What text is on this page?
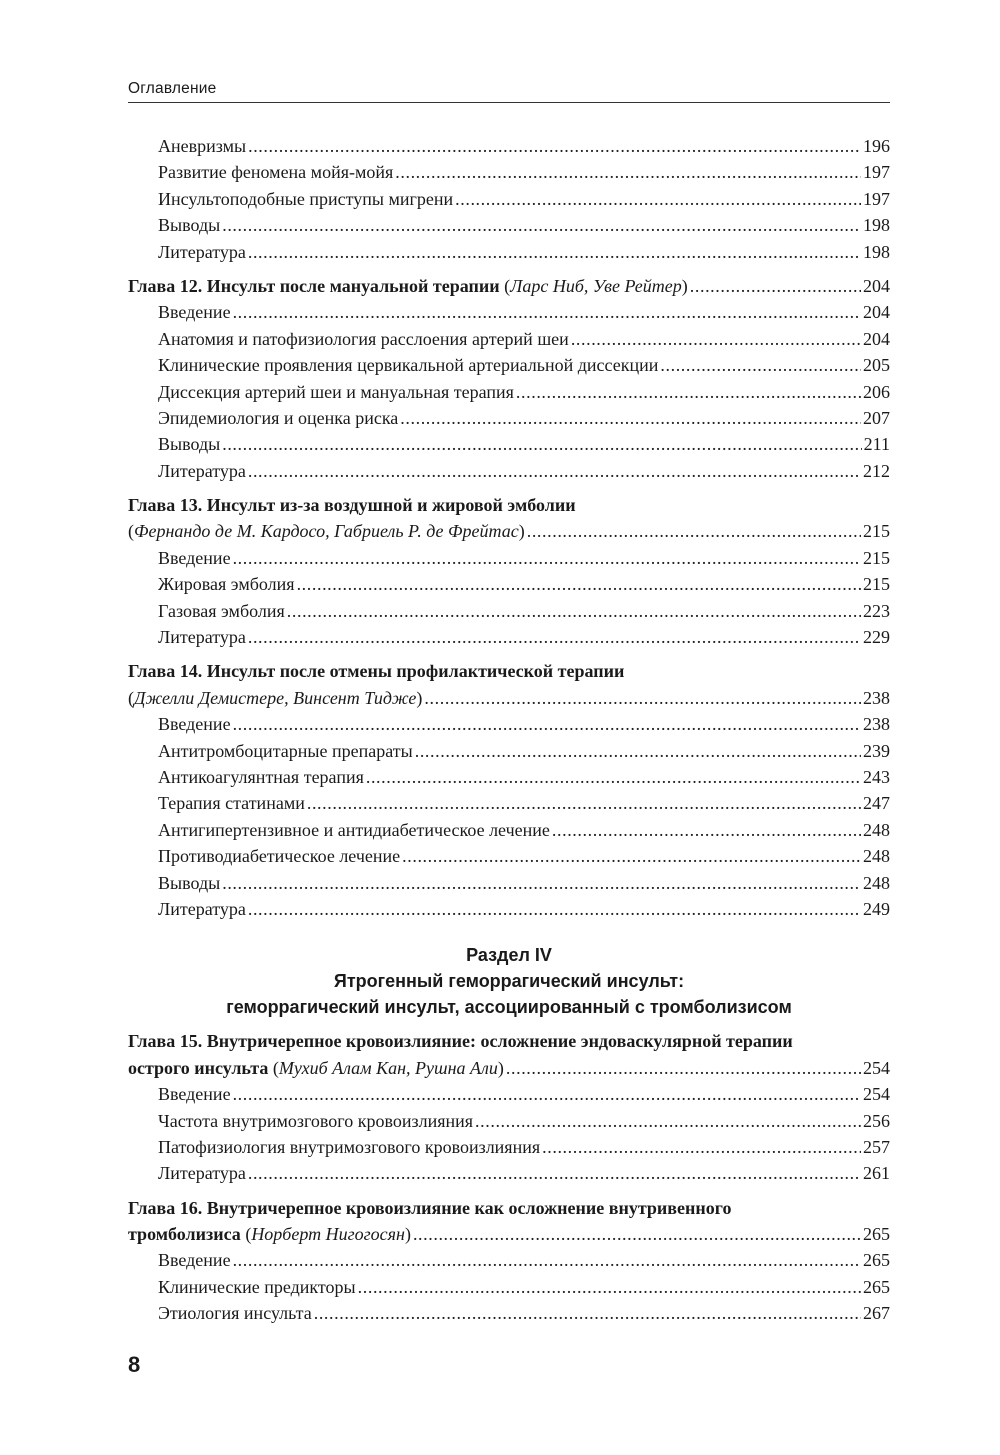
Оглавление
Аневризмы .....	196
Развитие феномена мойя-мойя .....	197
Инсультоподобные приступы мигрени .....	197
Выводы .....	198
Литература .....	198
Глава 12. Инсульт после мануальной терапии (Ларс Ниб, Уве Рейтер) .....	204
Введение .....	204
Анатомия и патофизиология расслоения артерий шеи .....	204
Клинические проявления цервикальной артериальной диссекции .....	205
Диссекция артерий шеи и мануальная терапия .....	206
Эпидемиология и оценка риска .....	207
Выводы .....	211
Литература .....	212
Глава 13. Инсульт из-за воздушной и жировой эмболии
(Фернандо де М. Кардосо, Габриель Р. де Фрейтас) .....	215
Введение .....	215
Жировая эмболия .....	215
Газовая эмболия .....	223
Литература .....	229
Глава 14. Инсульт после отмены профилактической терапии
(Джелли Демистере, Винсент Тидже) .....	238
Введение .....	238
Антитромбоцитарные препараты .....	239
Антикоагулянтная терапия .....	243
Терапия статинами .....	247
Антигипертензивное и антидиабетическое лечение .....	248
Противодиабетическое лечение .....	248
Выводы .....	248
Литература .....	249
Раздел IV
Ятрогенный геморрагический инсульт:
геморрагический инсульт, ассоциированный с тромболизисом
Глава 15. Внутричерепное кровоизлияние: осложнение эндоваскулярной терапии
острого инсульта (Мухиб Алам Кан, Рушна Али) .....	254
Введение .....	254
Частота внутримозгового кровоизлияния .....	256
Патофизиология внутримозгового кровоизлияния .....	257
Литература .....	261
Глава 16. Внутричерепное кровоизлияние как осложнение внутривенного
тромболизиса (Норберт Нигогосян) .....	265
Введение .....	265
Клинические предикторы .....	265
Этиология инсульта .....	267
8
